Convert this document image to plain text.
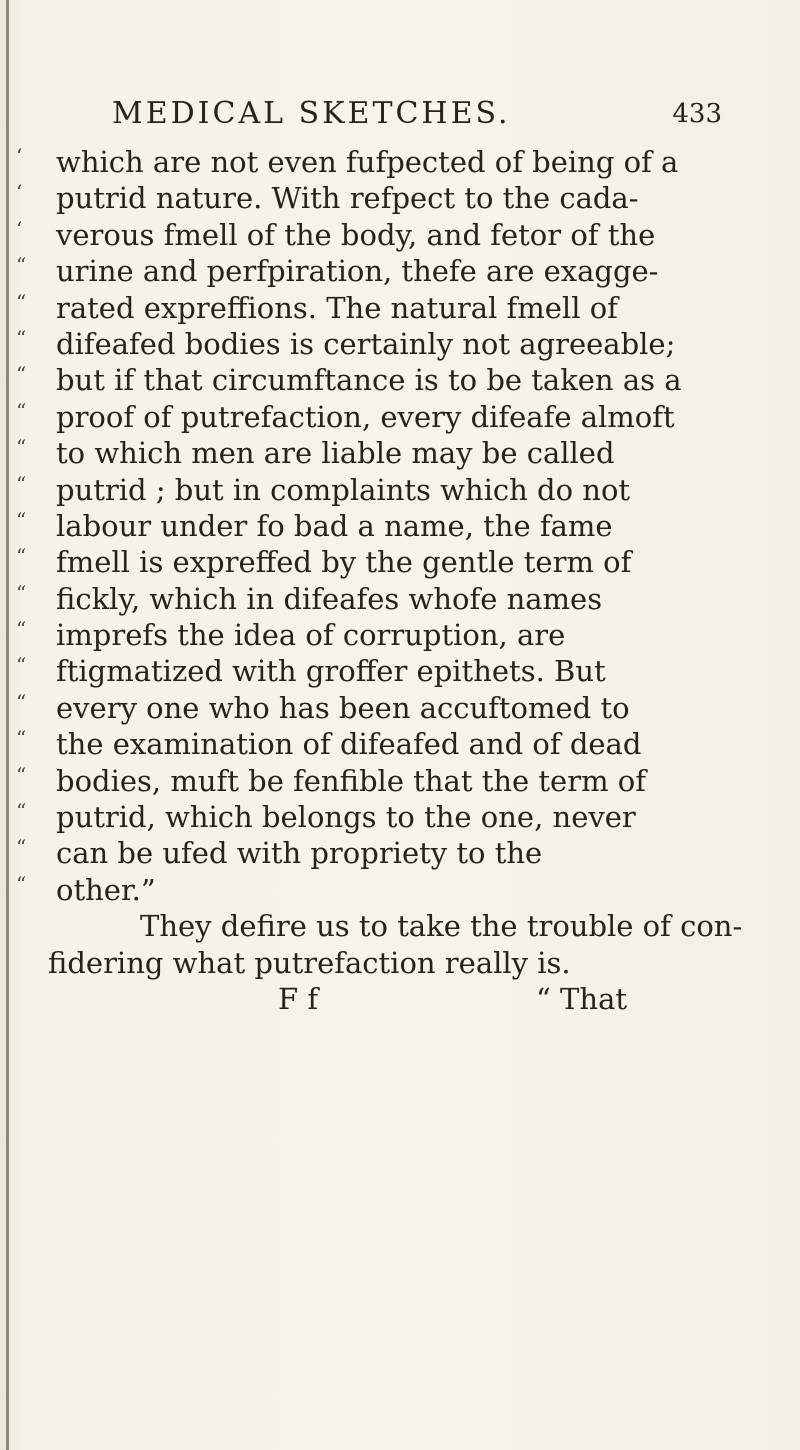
MEDICAL SKETCHES.	433
‘	which are not even fufpected of being of a
‘	putrid nature. With refpect to the cada-
‘	verous fmell of the body, and fetor of the
“	urine and perfpiration, thefe are exagge-
“	rated expreffions. The natural fmell of
“	difeafed bodies is certainly not agreeable;
“	but if that circumftance is to be taken as a
“	proof of putrefaction, every difeafe almoft
“	to which men are liable may be called
“	putrid ; but in complaints which do not
“	labour under fo bad a name, the fame
“	fmell is expreffed by the gentle term of
“	fickly, which in difeafes whofe names
“	imprefs the idea of corruption, are
“	ftigmatized with groffer epithets. But
“	every one who has been accuftomed to
“	the examination of difeafed and of dead
“	bodies, muft be fenfible that the term of
“	putrid, which belongs to the one, never
“	can be ufed with propriety to the
“	other.”
They defire us to take the trouble of con-
fidering what putrefaction really is.
F f	“ That
